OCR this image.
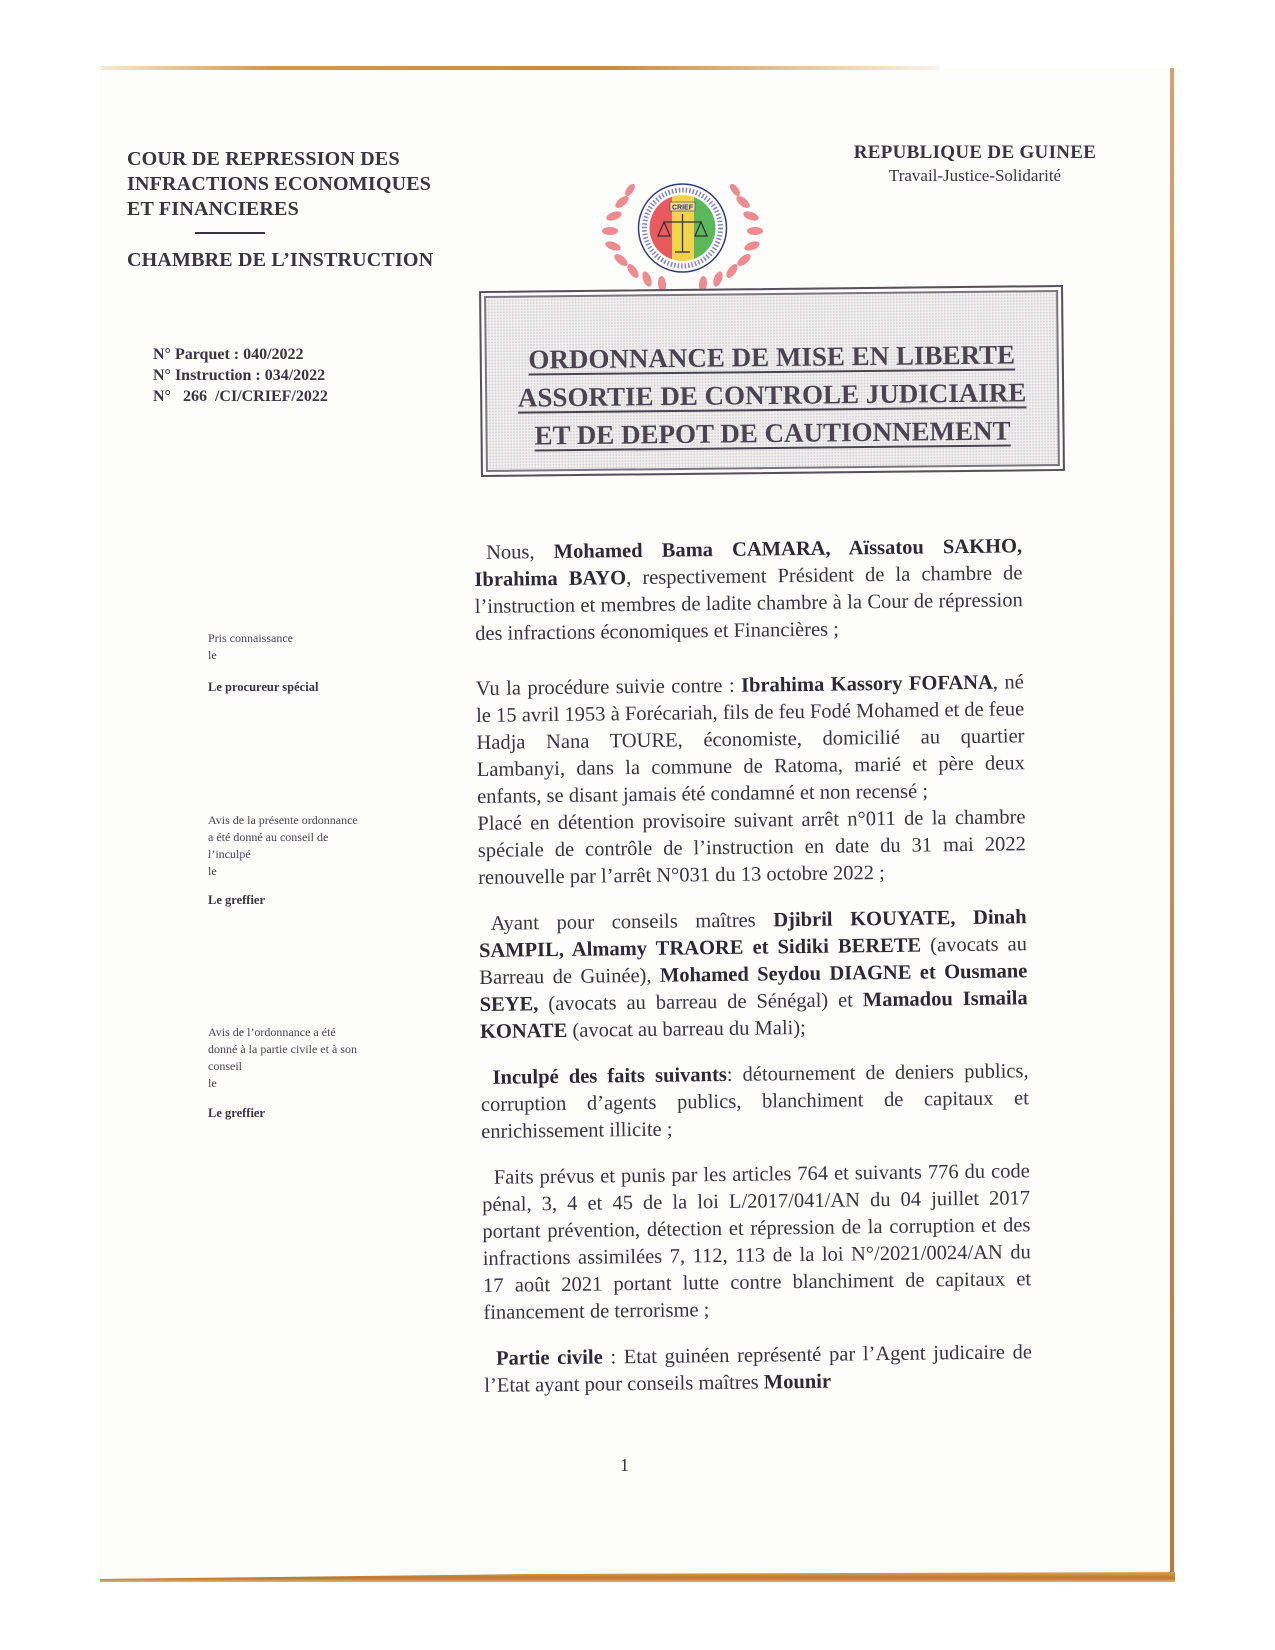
COUR DE REPRESSION DES
INFRACTIONS ECONOMIQUES
ET FINANCIERES
CHAMBRE DE L’INSTRUCTION
REPUBLIQUE DE GUINEE
Travail-Justice-Solidarité
CRIEF
N° Parquet : 040/2022
N° Instruction : 034/2022
N°   266  /CI/CRIEF/2022
ORDONNANCE DE MISE EN LIBERTE
ASSORTIE DE CONTROLE JUDICIAIRE
ET DE DEPOT DE CAUTIONNEMENT
Pris connaissance
le
Le procureur spécial
Avis de la présente ordonnance
a été donné au conseil de
l’inculpé
le
Le greffier
Avis de l’ordonnance a été
donné à la partie civile et à son
conseil
le
Le greffier

Nous, Mohamed Bama CAMARA, Aïssatou SAKHO, Ibrahima BAYO, respectivement Président de la chambre de l’instruction et membres de ladite chambre à la Cour de répression des infractions économiques et Financières ;

Vu la procédure suivie contre : Ibrahima Kassory FOFANA, né le 15 avril 1953 à Forécariah, fils de feu Fodé Mohamed et de feue Hadja Nana TOURE, économiste, domicilié au quartier Lambanyi, dans la commune de Ratoma, marié et père deux enfants, se disant jamais été condamné et non recensé ;

Placé en détention provisoire suivant arrêt n°011 de la chambre spéciale de contrôle de l’instruction en date du 31 mai 2022 renouvelle par l’arrêt N°031 du 13 octobre 2022 ;

Ayant pour conseils maîtres Djibril KOUYATE, Dinah SAMPIL, Almamy TRAORE et Sidiki BERETE (avocats au Barreau de Guinée), Mohamed Seydou DIAGNE et Ousmane SEYE, (avocats au barreau de Sénégal) et Mamadou Ismaila KONATE (avocat au barreau du Mali);

Inculpé des faits suivants: détournement de deniers publics, corruption d’agents publics, blanchiment de capitaux et enrichissement illicite ;

Faits prévus et punis par les articles 764 et suivants 776 du code pénal, 3, 4 et 45 de la loi L/2017/041/AN du 04 juillet 2017 portant prévention, détection et répression de la corruption et des infractions assimilées 7, 112, 113 de la loi N°/2021/0024/AN du 17 août 2021 portant lutte contre blanchiment de capitaux et financement de terrorisme ;

Partie civile : Etat guinéen représenté par l’Agent judicaire de l’Etat ayant pour conseils maîtres Mounir

1
